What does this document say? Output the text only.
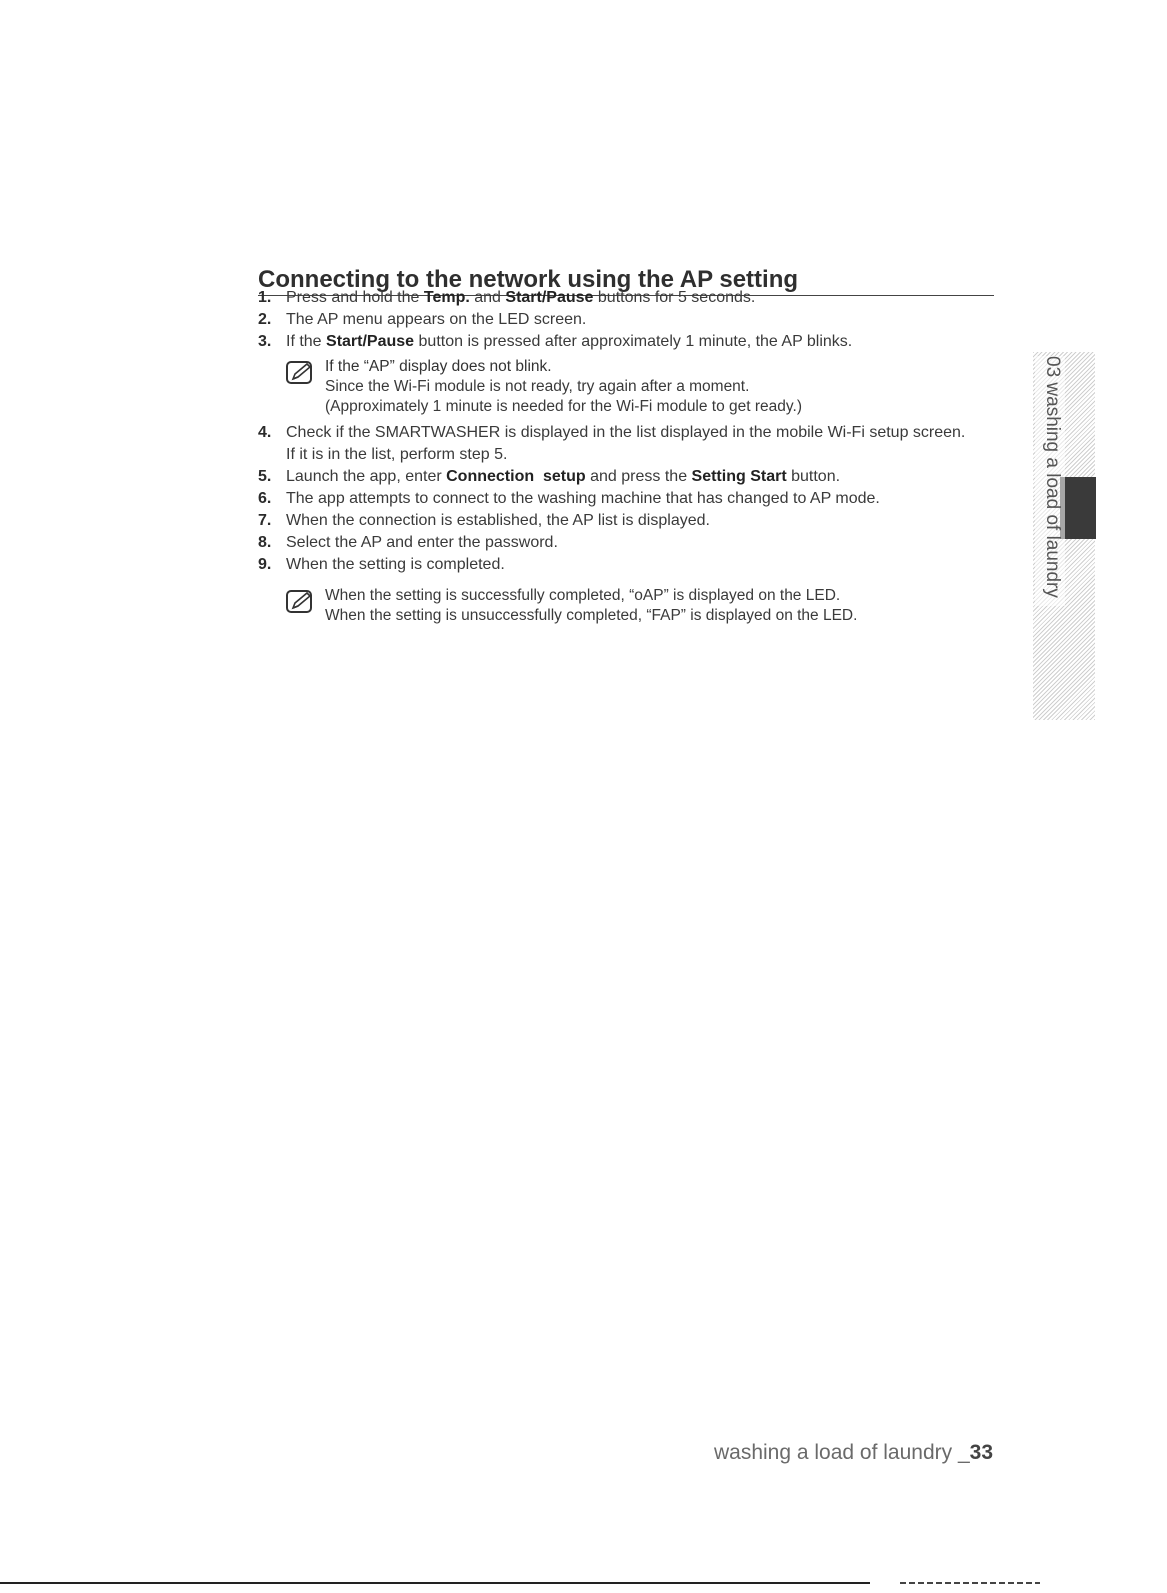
Connecting to the network using the AP setting

1. Press and hold the Temp. and Start/Pause buttons for 5 seconds.

2. The AP menu appears on the LED screen.

3. If the Start/Pause button is pressed after approximately 1 minute, the AP blinks.

If the “AP” display does not blink.
Since the Wi-Fi module is not ready, try again after a moment.
(Approximately 1 minute is needed for the Wi-Fi module to get ready.)

4. Check if the SMARTWASHER is displayed in the list displayed in the mobile Wi-Fi setup screen. If it is in the list, perform step 5.

5. Launch the app, enter Connection  setup and press the Setting Start button.

6. The app attempts to connect to the washing machine that has changed to AP mode.

7. When the connection is established, the AP list is displayed.

8. Select the AP and enter the password.

9. When the setting is completed.

When the setting is successfully completed, “oAP” is displayed on the LED.
When the setting is unsuccessfully completed, “FAP” is displayed on the LED.
03 washing a load of laundry
washing a load of laundry _33
